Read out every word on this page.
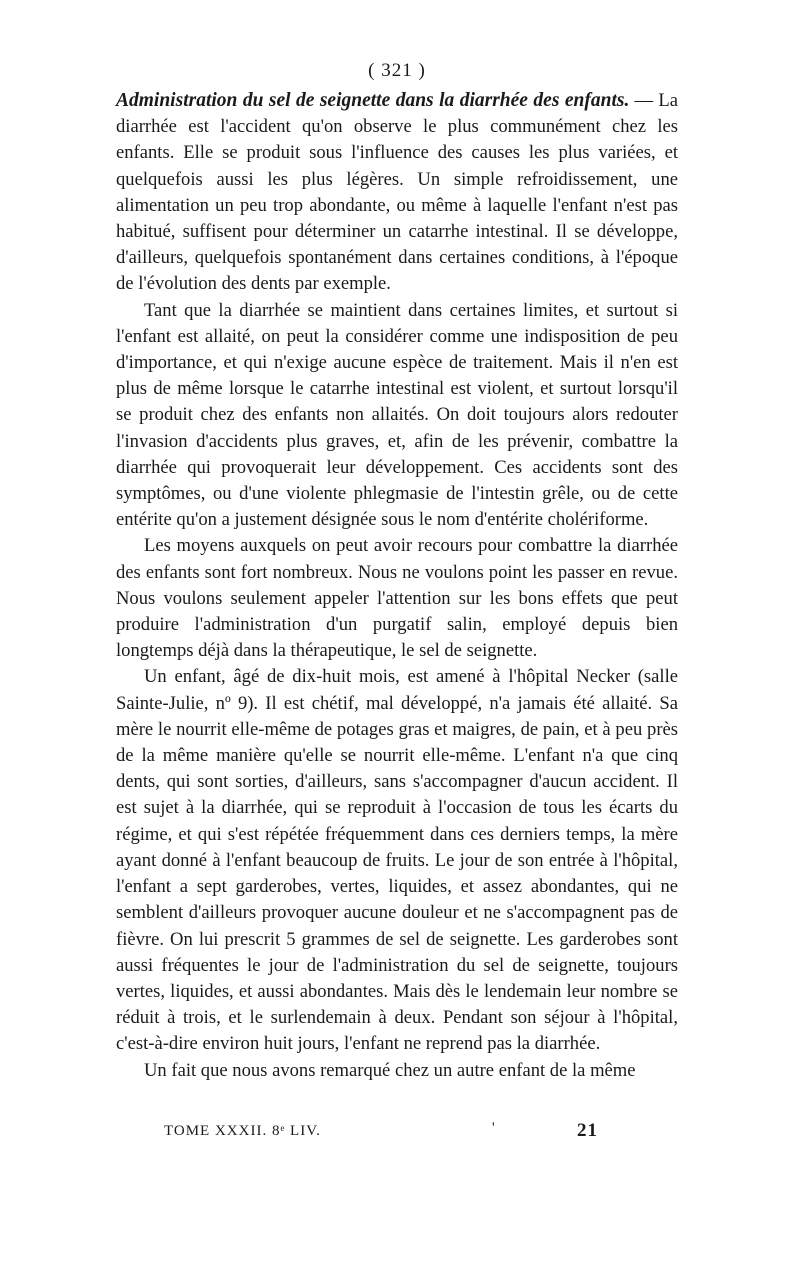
( 321 )

Administration du sel de seignette dans la diarrhée des enfants. — La diarrhée est l'accident qu'on observe le plus communément chez les enfants. Elle se produit sous l'influence des causes les plus variées, et quelquefois aussi les plus légères. Un simple refroidissement, une alimentation un peu trop abondante, ou même à laquelle l'enfant n'est pas habitué, suffisent pour déterminer un catarrhe intestinal. Il se développe, d'ailleurs, quelquefois spontanément dans certaines conditions, à l'époque de l'évolution des dents par exemple.

Tant que la diarrhée se maintient dans certaines limites, et surtout si l'enfant est allaité, on peut la considérer comme une indisposition de peu d'importance, et qui n'exige aucune espèce de traitement. Mais il n'en est plus de même lorsque le catarrhe intestinal est violent, et surtout lorsqu'il se produit chez des enfants non allaités. On doit toujours alors redouter l'invasion d'accidents plus graves, et, afin de les prévenir, combattre la diarrhée qui provoquerait leur développement. Ces accidents sont des symptômes, ou d'une violente phlegmasie de l'intestin grêle, ou de cette entérite qu'on a justement désignée sous le nom d'entérite cholériforme.

Les moyens auxquels on peut avoir recours pour combattre la diarrhée des enfants sont fort nombreux. Nous ne voulons point les passer en revue. Nous voulons seulement appeler l'attention sur les bons effets que peut produire l'administration d'un purgatif salin, employé depuis bien longtemps déjà dans la thérapeutique, le sel de seignette.

Un enfant, âgé de dix-huit mois, est amené à l'hôpital Necker (salle Sainte-Julie, nº 9). Il est chétif, mal développé, n'a jamais été allaité. Sa mère le nourrit elle-même de potages gras et maigres, de pain, et à peu près de la même manière qu'elle se nourrit elle-même. L'enfant n'a que cinq dents, qui sont sorties, d'ailleurs, sans s'accompagner d'aucun accident. Il est sujet à la diarrhée, qui se reproduit à l'occasion de tous les écarts du régime, et qui s'est répétée fréquemment dans ces derniers temps, la mère ayant donné à l'enfant beaucoup de fruits. Le jour de son entrée à l'hôpital, l'enfant a sept garderobes, vertes, liquides, et assez abondantes, qui ne semblent d'ailleurs provoquer aucune douleur et ne s'accompagnent pas de fièvre. On lui prescrit 5 grammes de sel de seignette. Les garderobes sont aussi fréquentes le jour de l'administration du sel de seignette, toujours vertes, liquides, et aussi abondantes. Mais dès le lendemain leur nombre se réduit à trois, et le surlendemain à deux. Pendant son séjour à l'hôpital, c'est-à-dire environ huit jours, l'enfant ne reprend pas la diarrhée.

Un fait que nous avons remarqué chez un autre enfant de la même

TOME XXXII. 8ᵉ LIV.	'	21
